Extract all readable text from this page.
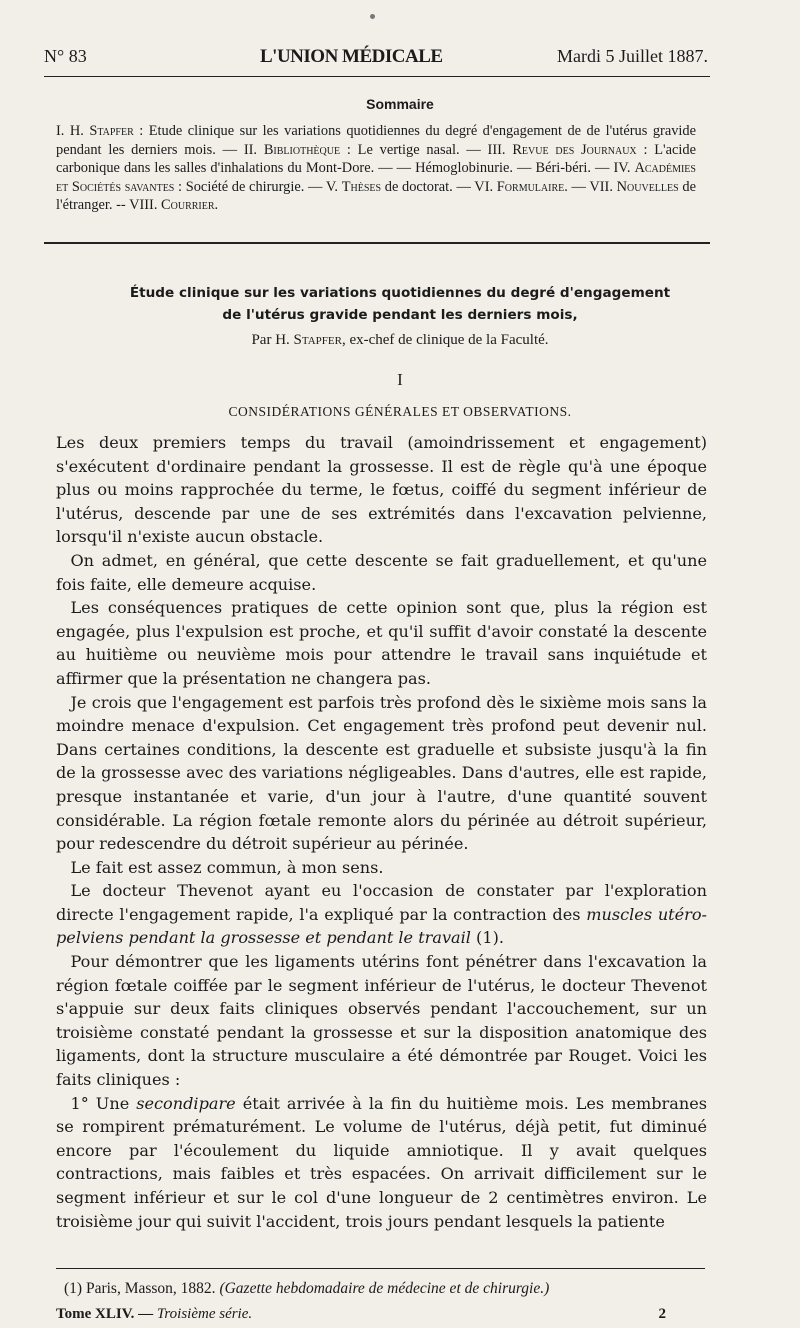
N° 83	L'UNION MÉDICALE	Mardi 5 Juillet 1887.
Sommaire
I. H. Stapfer : Etude clinique sur les variations quotidiennes du degré d'engagement de de l'utérus gravide pendant les derniers mois. — II. Bibliothèque : Le vertige nasal. — III. Revue des Journaux : L'acide carbonique dans les salles d'inhalations du Mont-Dore. — — Hémoglobinurie. — Béri-béri. — IV. Académies et Sociétés savantes : Société de chirurgie. — V. Thèses de doctorat. — VI. Formulaire. — VII. Nouvelles de l'étranger. -- VIII. Courrier.
Étude clinique sur les variations quotidiennes du degré d'engagement
de l'utérus gravide pendant les derniers mois,
Par H. Stapfer, ex-chef de clinique de la Faculté.
I
CONSIDÉRATIONS GÉNÉRALES ET OBSERVATIONS.

Les deux premiers temps du travail (amoindrissement et engagement) s'exécutent d'ordinaire pendant la grossesse. Il est de règle qu'à une époque plus ou moins rapprochée du terme, le fœtus, coiffé du segment inférieur de l'utérus, descende par une de ses extrémités dans l'excavation pelvienne, lorsqu'il n'existe aucun obstacle.

On admet, en général, que cette descente se fait graduellement, et qu'une fois faite, elle demeure acquise.

Les conséquences pratiques de cette opinion sont que, plus la région est engagée, plus l'expulsion est proche, et qu'il suffit d'avoir constaté la descente au huitième ou neuvième mois pour attendre le travail sans inquiétude et affirmer que la présentation ne changera pas.

Je crois que l'engagement est parfois très profond dès le sixième mois sans la moindre menace d'expulsion. Cet engagement très profond peut devenir nul. Dans certaines conditions, la descente est graduelle et subsiste jusqu'à la fin de la grossesse avec des variations négligeables. Dans d'autres, elle est rapide, presque instantanée et varie, d'un jour à l'autre, d'une quantité souvent considérable. La région fœtale remonte alors du périnée au détroit supérieur, pour redescendre du détroit supérieur au périnée.

Le fait est assez commun, à mon sens.

Le docteur Thevenot ayant eu l'occasion de constater par l'exploration directe l'engagement rapide, l'a expliqué par la contraction des muscles utéro-pelviens pendant la grossesse et pendant le travail (1).

Pour démontrer que les ligaments utérins font pénétrer dans l'excavation la région fœtale coiffée par le segment inférieur de l'utérus, le docteur Thevenot s'appuie sur deux faits cliniques observés pendant l'accouchement, sur un troisième constaté pendant la grossesse et sur la disposition anatomique des ligaments, dont la structure musculaire a été démontrée par Rouget. Voici les faits cliniques :

1° Une secondipare était arrivée à la fin du huitième mois. Les membranes se rompirent prématurément. Le volume de l'utérus, déjà petit, fut diminué encore par l'écoulement du liquide amniotique. Il y avait quelques contractions, mais faibles et très espacées. On arrivait difficilement sur le segment inférieur et sur le col d'une longueur de 2 centimètres environ. Le troisième jour qui suivit l'accident, trois jours pendant lesquels la patiente

(1) Paris, Masson, 1882. (Gazette hebdomadaire de médecine et de chirurgie.)
Tome XLIV. — Troisième série.	2
